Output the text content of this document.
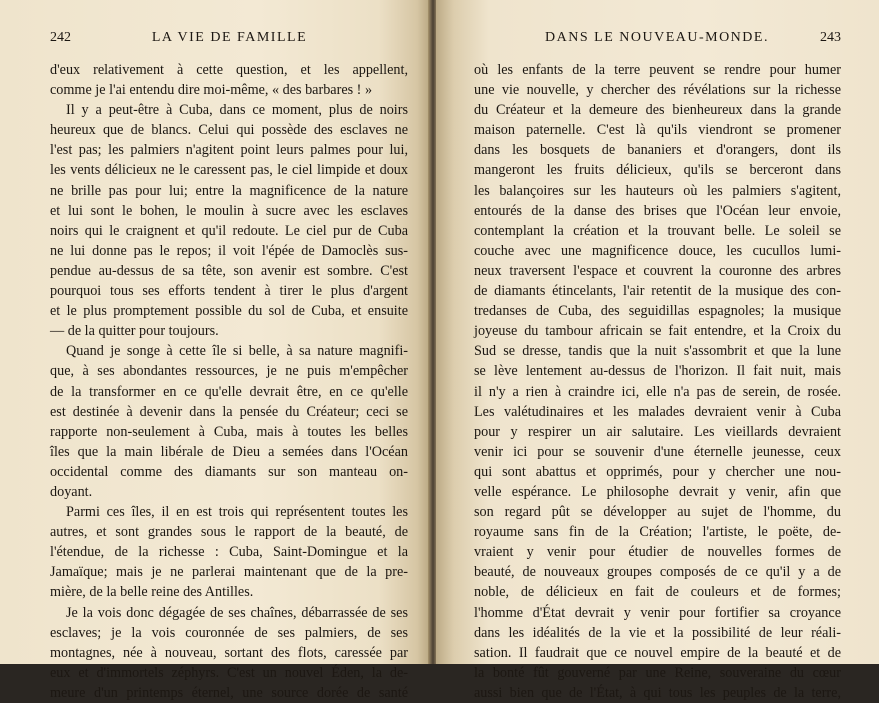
242	LA VIE DE FAMILLE
d'eux relativement à cette question, et les appellent,
comme je l'ai entendu dire moi-même, « des barbares ! »
Il y a peut-être à Cuba, dans ce moment, plus de noirs
heureux que de blancs. Celui qui possède des esclaves ne
l'est pas; les palmiers n'agitent point leurs palmes pour lui,
les vents délicieux ne le caressent pas, le ciel limpide et doux
ne brille pas pour lui; entre la magnificence de la nature
et lui sont le bohen, le moulin à sucre avec les esclaves
noirs qui le craignent et qu'il redoute. Le ciel pur de Cuba
ne lui donne pas le repos; il voit l'épée de Damoclès sus-
pendue au-dessus de sa tête, son avenir est sombre. C'est
pourquoi tous ses efforts tendent à tirer le plus d'argent
et le plus promptement possible du sol de Cuba, et ensuite
— de la quitter pour toujours.
Quand je songe à cette île si belle, à sa nature magnifi-
que, à ses abondantes ressources, je ne puis m'empêcher
de la transformer en ce qu'elle devrait être, en ce qu'elle
est destinée à devenir dans la pensée du Créateur; ceci se
rapporte non-seulement à Cuba, mais à toutes les belles
îles que la main libérale de Dieu a semées dans l'Océan
occidental comme des diamants sur son manteau on-
doyant.
Parmi ces îles, il en est trois qui représentent toutes les
autres, et sont grandes sous le rapport de la beauté, de
l'étendue, de la richesse : Cuba, Saint-Domingue et la
Jamaïque; mais je ne parlerai maintenant que de la pre-
mière, de la belle reine des Antilles.
Je la vois donc dégagée de ses chaînes, débarrassée de ses
esclaves; je la vois couronnée de ses palmiers, de ses
montagnes, née à nouveau, sortant des flots, caressée par
eux et d'immortels zéphyrs. C'est un nouvel Éden, la de-
meure d'un printemps éternel, une source dorée de santé
DANS LE NOUVEAU-MONDE.	243
où les enfants de la terre peuvent se rendre pour humer
une vie nouvelle, y chercher des révélations sur la richesse
du Créateur et la demeure des bienheureux dans la grande
maison paternelle. C'est là qu'ils viendront se promener
dans les bosquets de bananiers et d'orangers, dont ils
mangeront les fruits délicieux, qu'ils se berceront dans
les balançoires sur les hauteurs où les palmiers s'agitent,
entourés de la danse des brises que l'Océan leur envoie,
contemplant la création et la trouvant belle. Le soleil se
couche avec une magnificence douce, les cucullos lumi-
neux traversent l'espace et couvrent la couronne des arbres
de diamants étincelants, l'air retentit de la musique des con-
tredanses de Cuba, des seguidillas espagnoles; la musique
joyeuse du tambour africain se fait entendre, et la Croix du
Sud se dresse, tandis que la nuit s'assombrit et que la lune
se lève lentement au-dessus de l'horizon. Il fait nuit, mais
il n'y a rien à craindre ici, elle n'a pas de serein, de rosée.
Les valétudinaires et les malades devraient venir à Cuba
pour y respirer un air salutaire. Les vieillards devraient
venir ici pour se souvenir d'une éternelle jeunesse, ceux
qui sont abattus et opprimés, pour y chercher une nou-
velle espérance. Le philosophe devrait y venir, afin que
son regard pût se développer au sujet de l'homme, du
royaume sans fin de la Création; l'artiste, le poëte, de-
vraient y venir pour étudier de nouvelles formes de
beauté, de nouveaux groupes composés de ce qu'il y a de
noble, de délicieux en fait de couleurs et de formes;
l'homme d'État devrait y venir pour fortifier sa croyance
dans les idéalités de la vie et la possibilité de leur réali-
sation. Il faudrait que ce nouvel empire de la beauté et de
la bonté fût gouverné par une Reine, souveraine du cœur
aussi bien que de l'État, à qui tous les peuples de la terre,
